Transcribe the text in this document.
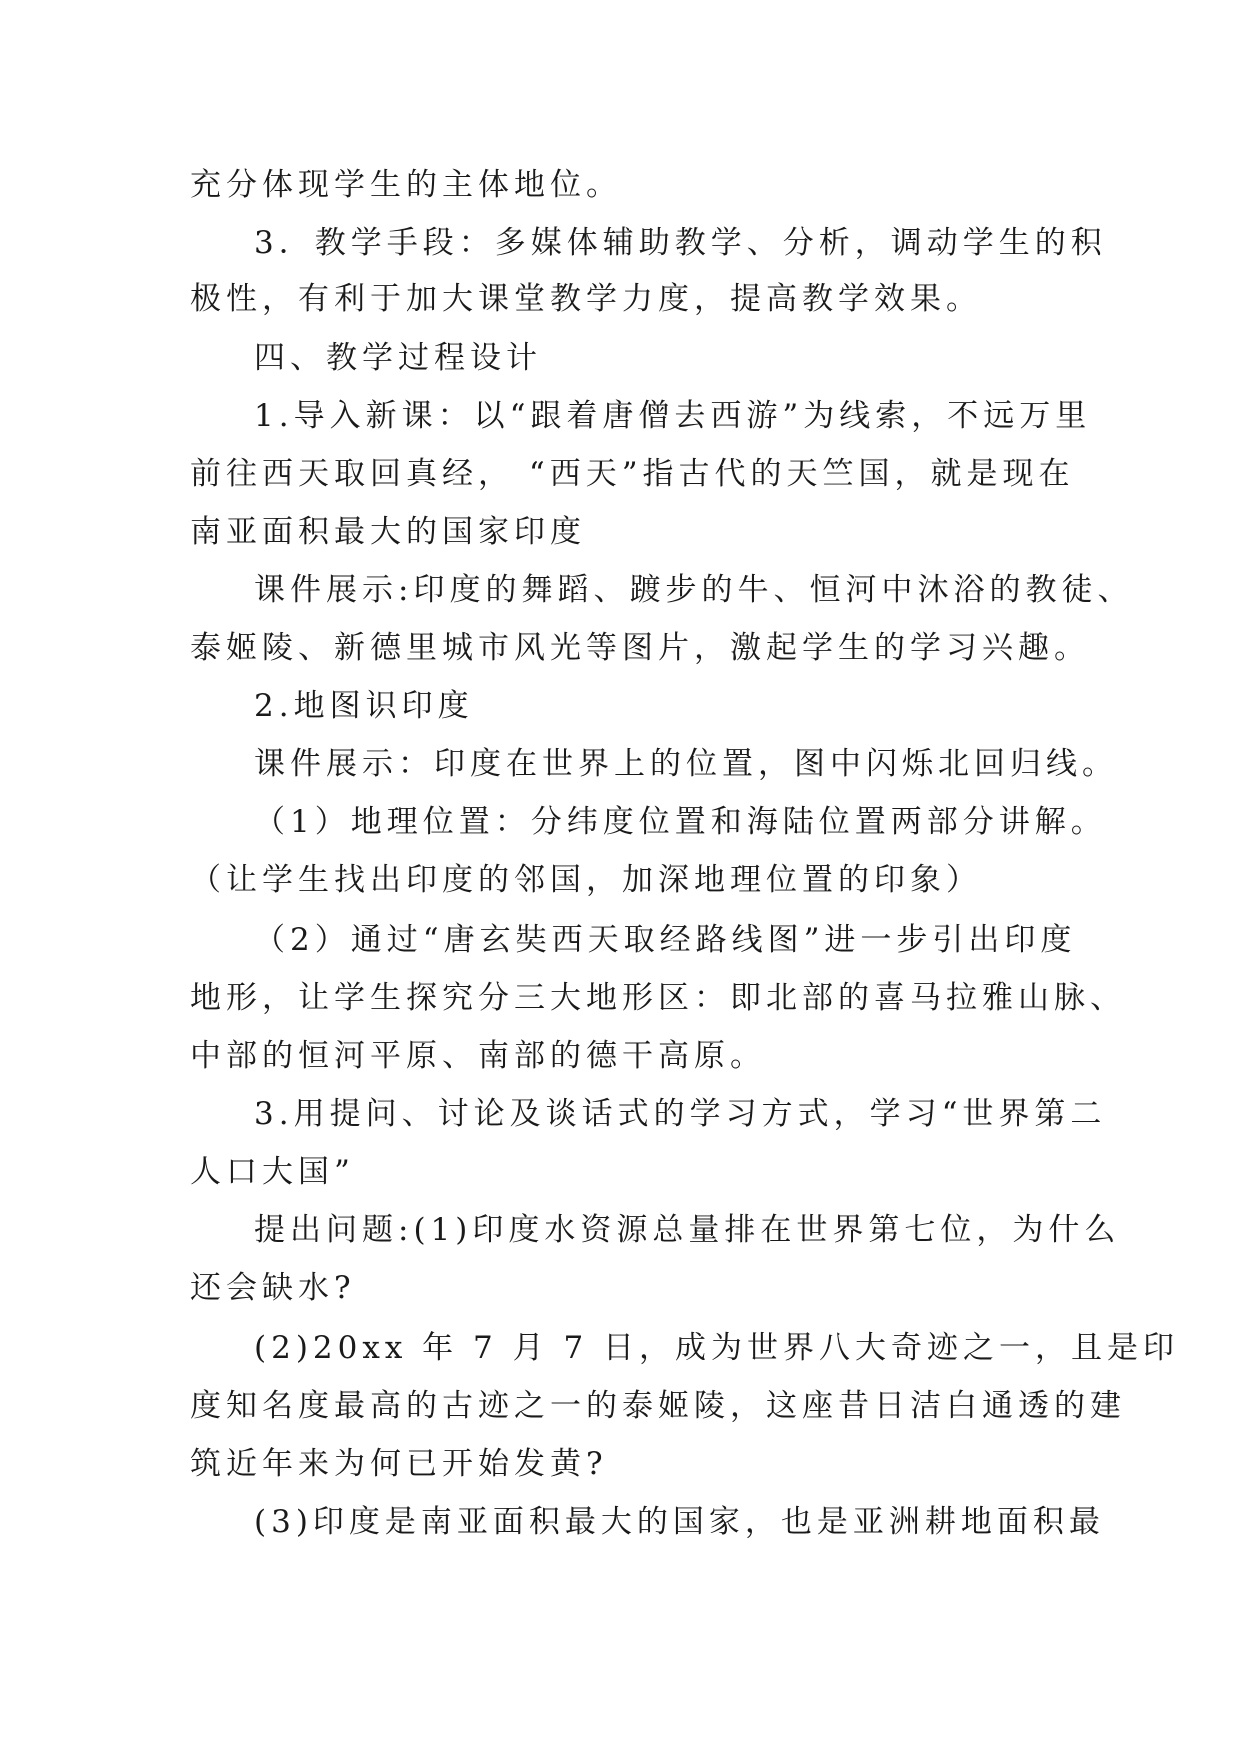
充分体现学生的主体地位。
3．教学手段：多媒体辅助教学、分析，调动学生的积
极性，有利于加大课堂教学力度，提高教学效果。
四、教学过程设计
1.导入新课：以“跟着唐僧去西游”为线索，不远万里
前往西天取回真经， “西天”指古代的天竺国，就是现在
南亚面积最大的国家印度
课件展示:印度的舞蹈、踱步的牛、恒河中沐浴的教徒、
泰姬陵、新德里城市风光等图片，激起学生的学习兴趣。
2.地图识印度
课件展示：印度在世界上的位置，图中闪烁北回归线。
（1）地理位置：分纬度位置和海陆位置两部分讲解。
（让学生找出印度的邻国，加深地理位置的印象）
（2）通过“唐玄奘西天取经路线图”进一步引出印度
地形，让学生探究分三大地形区：即北部的喜马拉雅山脉、
中部的恒河平原、南部的德干高原。
3.用提问、讨论及谈话式的学习方式，学习“世界第二
人口大国”
提出问题:(1)印度水资源总量排在世界第七位，为什么
还会缺水?
(2)20xx 年 7 月 7 日，成为世界八大奇迹之一，且是印
度知名度最高的古迹之一的泰姬陵，这座昔日洁白通透的建
筑近年来为何已开始发黄?
(3)印度是南亚面积最大的国家，也是亚洲耕地面积最
